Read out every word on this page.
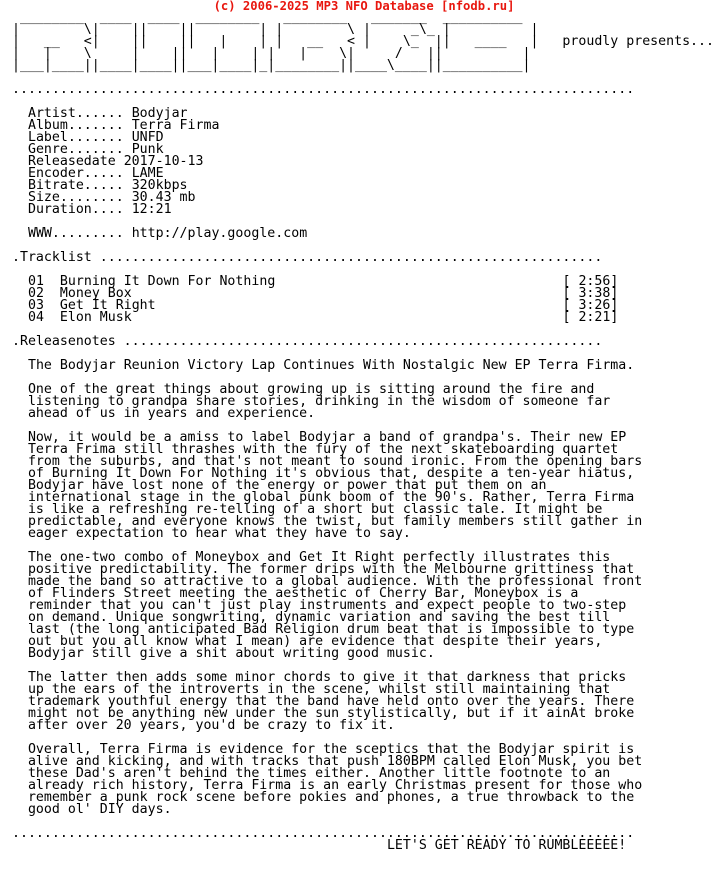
(c) 2006-2025 MP3 NFO Database [nfodb.ru]
________  ____  ____  ________   ________   _______  __________
|        \|    ||    ||        | |        \ |     _\_ |          |
|   __   <|    ||    ||   |    | |   __   < |    \_  ||   ____   |   proudly presents...
|   |    \     |    ||   |    | |   |    \|     /   ||          |
|___|____||____|____||___|____|_|________||____\____||__________|

..............................................................................

Artist...... Bodyjar
Album....... Terra Firma
Label....... UNFD
Genre....... Punk
Releasedate 2017-10-13
Encoder..... LAME
Bitrate..... 320kbps
Size........ 30.43 mb
Duration.... 12:21

WWW......... http://play.google.com

.Tracklist ...............................................................

01 Burning It Down For Nothing	[ 2:56]
02 Money Box	[ 3:38]
03 Get It Right	[ 3:26]
04 Elon Musk	[ 2:21]

.Releasenotes ............................................................

The Bodyjar Reunion Victory Lap Continues With Nostalgic New EP Terra Firma.

One of the great things about growing up is sitting around the fire and
listening to grandpa share stories, drinking in the wisdom of someone far
ahead of us in years and experience.

Now, it would be a amiss to label Bodyjar a band of grandpa's. Their new EP
Terra Frima still thrashes with the fury of the next skateboarding quartet
from the suburbs, and that's not meant to sound ironic. From the opening bars
of Burning It Down For Nothing it's obvious that, despite a ten-year hiatus,
Bodyjar have lost none of the energy or power that put them on an
international stage in the global punk boom of the 90's. Rather, Terra Firma
is like a refreshing re-telling of a short but classic tale. It might be
predictable, and everyone knows the twist, but family members still gather in
eager expectation to hear what they have to say.

The one-two combo of Moneybox and Get It Right perfectly illustrates this
positive predictability. The former drips with the Melbourne grittiness that
made the band so attractive to a global audience. With the professional front
of Flinders Street meeting the aesthetic of Cherry Bar, Moneybox is a
reminder that you can't just play instruments and expect people to two-step
on demand. Unique songwriting, dynamic variation and saving the best till
last (the long anticipated Bad Religion drum beat that is impossible to type
out but you all know what I mean) are evidence that despite their years,
Bodyjar still give a shit about writing good music.

The latter then adds some minor chords to give it that darkness that pricks
up the ears of the introverts in the scene, whilst still maintaining that
trademark youthful energy that the band have held onto over the years. There
might not be anything new under the sun stylistically, but if it ainAt broke
after over 20 years, you'd be crazy to fix it.

Overall, Terra Firma is evidence for the sceptics that the Bodyjar spirit is
alive and kicking, and with tracks that push 180BPM called Elon Musk, you bet
these Dad's aren't behind the times either. Another little footnote to an
already rich history, Terra Firma is an early Christmas present for those who
remember a punk rock scene before pokies and phones, a true throwback to the
good ol' DIY days.

..............................................................................
LET'S GET READY TO RUMBLEEEEE!
